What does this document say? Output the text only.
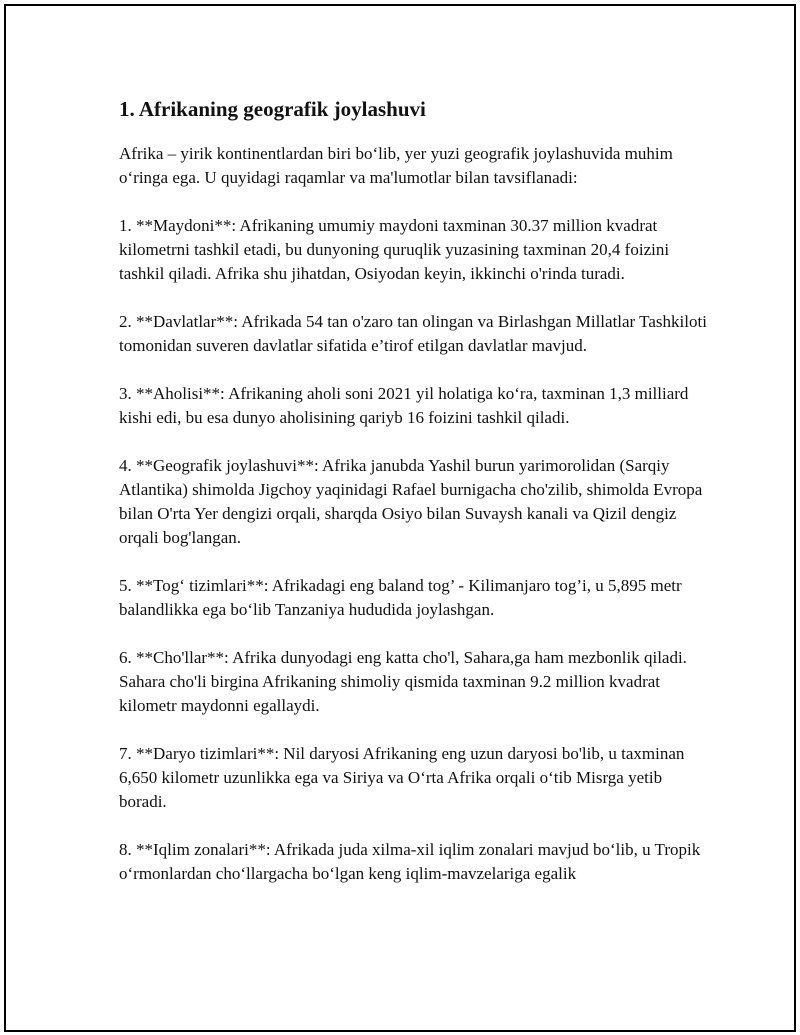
1. Afrikaning geografik joylashuvi

Afrika – yirik kontinentlardan biri bo‘lib, yer yuzi geografik joylashuvida muhim o‘ringa ega. U quyidagi raqamlar va ma'lumotlar bilan tavsiflanadi:

1. **Maydoni**: Afrikaning umumiy maydoni taxminan 30.37 million kvadrat kilometrni tashkil etadi, bu dunyoning quruqlik yuzasining taxminan 20,4 foizini tashkil qiladi. Afrika shu jihatdan, Osiyodan keyin, ikkinchi o'rinda turadi.

2. **Davlatlar**: Afrikada 54 tan o'zaro tan olingan va Birlashgan Millatlar Tashkiloti tomonidan suveren davlatlar sifatida e’tirof etilgan davlatlar mavjud.

3. **Aholisi**: Afrikaning aholi soni 2021 yil holatiga ko‘ra, taxminan 1,3 milliard kishi edi, bu esa dunyo aholisining qariyb 16 foizini tashkil qiladi.

4. **Geografik joylashuvi**: Afrika janubda Yashil burun yarimorolidan (Sarqiy Atlantika) shimolda Jigchoy yaqinidagi Rafael burnigacha cho'zilib, shimolda Evropa bilan O'rta Yer dengizi orqali, sharqda Osiyo bilan Suvaysh kanali va Qizil dengiz orqali bog'langan.

5. **Tog‘ tizimlari**: Afrikadagi eng baland tog’ - Kilimanjaro tog’i, u 5,895 metr balandlikka ega bo‘lib Tanzaniya hududida joylashgan.

6. **Cho'llar**: Afrika dunyodagi eng katta cho'l, Sahara,ga ham mezbonlik qiladi. Sahara cho'li birgina Afrikaning shimoliy qismida taxminan 9.2 million kvadrat kilometr maydonni egallaydi.

7. **Daryo tizimlari**: Nil daryosi Afrikaning eng uzun daryosi bo'lib, u taxminan 6,650 kilometr uzunlikka ega va Siriya va O‘rta Afrika orqali o‘tib Misrga yetib boradi.

8. **Iqlim zonalari**: Afrikada juda xilma-xil iqlim zonalari mavjud bo‘lib, u Tropik o‘rmonlardan cho‘llargacha bo‘lgan keng iqlim-mavzelariga egalik
